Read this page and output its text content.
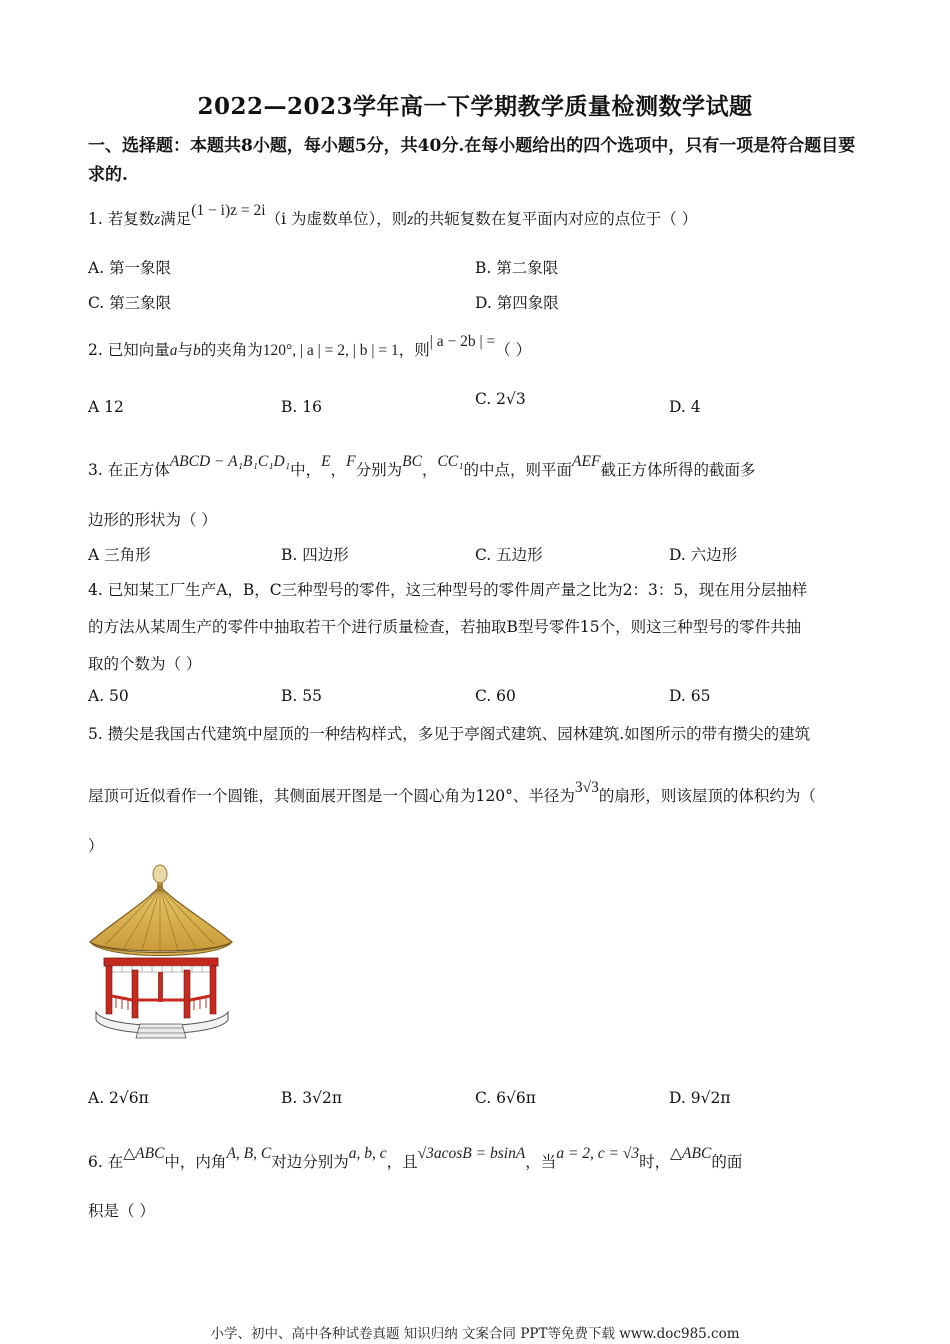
2022—2023学年高一下学期教学质量检测数学试题
一、选择题：本题共8小题，每小题5分，共40分.在每小题给出的四个选项中，只有一项是符合题目要求的.
1. 若复数z满足(1 − i)z = 2i（i 为虚数单位），则z的共轭复数在复平面内对应的点位于（ ）
A. 第一象限	B. 第二象限
C. 第三象限	D. 第四象限
2. 已知向量a与b的夹角为120°, | a | = 2, | b | = 1，则| a − 2b | =（ ）
A 12	B. 16	C. 2√3	D. 4
3. 在正方体ABCD − A₁B₁C₁D₁中，E，F分别为BC，CC₁的中点，则平面AEF截正方体所得的截面多
边形的形状为（ ）
A 三角形	B. 四边形	C. 五边形	D. 六边形
4. 已知某工厂生产A，B，C三种型号的零件，这三种型号的零件周产量之比为2：3：5，现在用分层抽样
的方法从某周生产的零件中抽取若干个进行质量检查，若抽取B型号零件15个，则这三种型号的零件共抽
取的个数为（ ）
A. 50	B. 55	C. 60	D. 65
5. 攒尖是我国古代建筑中屋顶的一种结构样式，多见于亭阁式建筑、园林建筑.如图所示的带有攒尖的建筑
屋顶可近似看作一个圆锥，其侧面展开图是一个圆心角为120°、半径为3√3的扇形，则该屋顶的体积约为（
）
A. 2√6π	B. 3√2π	C. 6√6π	D. 9√2π
6. 在△ABC中，内角A, B, C对边分别为a, b, c，且√3acosB = bsinA，当a = 2, c = √3时，△ABC的面
积是（ ）
小学、初中、高中各种试卷真题 知识归纳 文案合同 PPT等免费下载 www.doc985.com
